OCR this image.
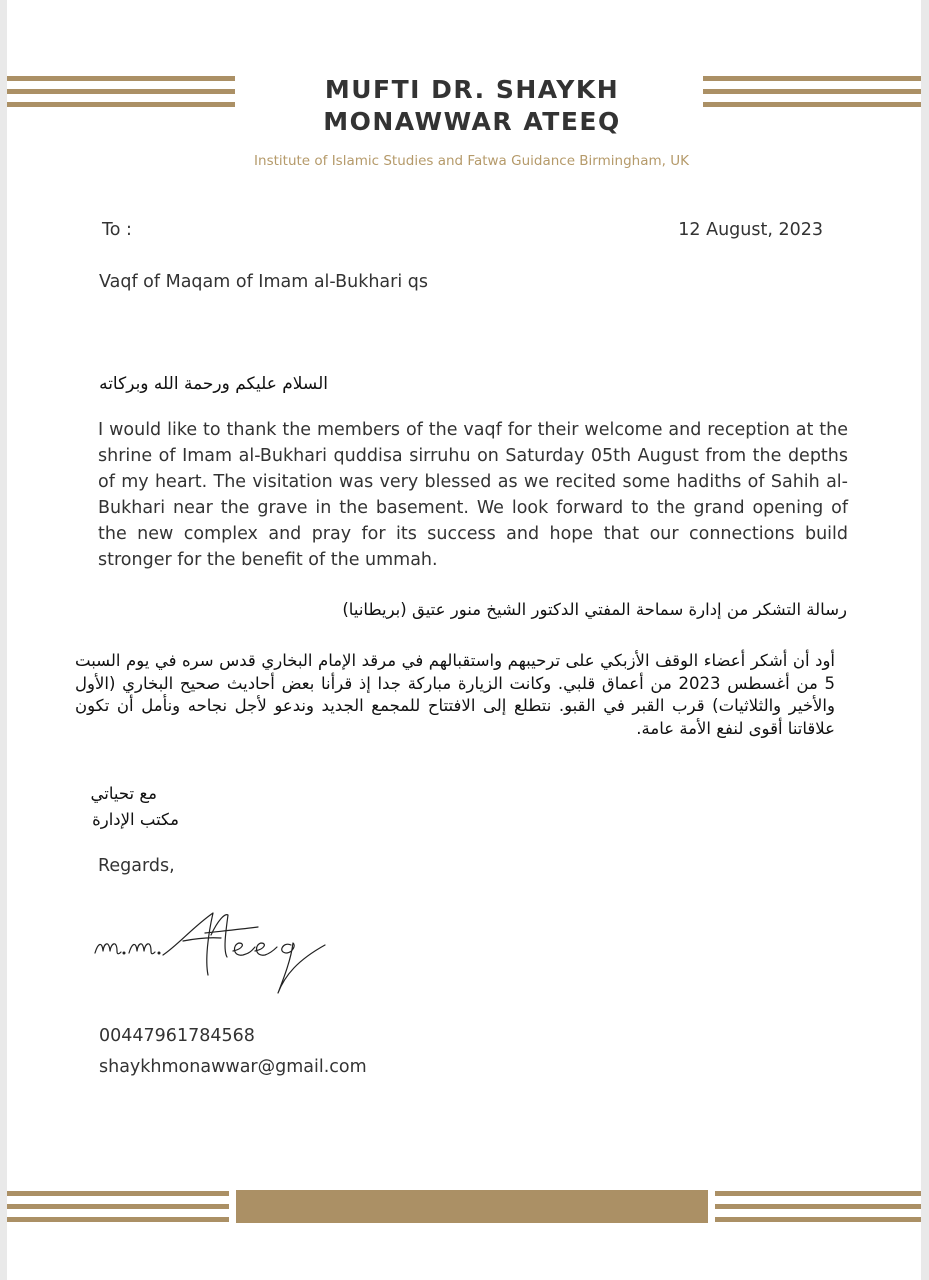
MUFTI DR. SHAYKH MONAWWAR ATEEQ
Institute of Islamic Studies and Fatwa Guidance Birmingham, UK
To :	12 August, 2023
Vaqf of Maqam of Imam al-Bukhari qs
السلام عليكم ورحمة الله وبركاته
I would like to thank the members of the vaqf for their welcome and reception at the shrine of Imam al-Bukhari quddisa sirruhu on Saturday 05th August from the depths of my heart. The visitation was very blessed as we recited some hadiths of Sahih al-Bukhari near the grave in the basement. We look forward to the grand opening of the new complex and pray for its success and hope that our connections build stronger for the benefit of the ummah.
رسالة التشكر من إدارة سماحة المفتي الدكتور الشيخ منور عتيق (بريطانيا)
أود أن أشكر أعضاء الوقف الأزبكي على ترحيبهم واستقبالهم في مرقد الإمام البخاري قدس سره في يوم السبت 5 من أغسطس 2023 من أعماق قلبي. وكانت الزيارة مباركة جدا إذ قرأنا بعض أحاديث صحيح البخاري (الأول والأخير والثلاثيات) قرب القبر في القبو. نتطلع إلى الافتتاح للمجمع الجديد وندعو لأجل نجاحه ونأمل أن تكون علاقاتنا أقوى لنفع الأمة عامة.
مع تحياتي
مكتب الإدارة
Regards,
00447961784568
shaykhmonawwar@gmail.com
